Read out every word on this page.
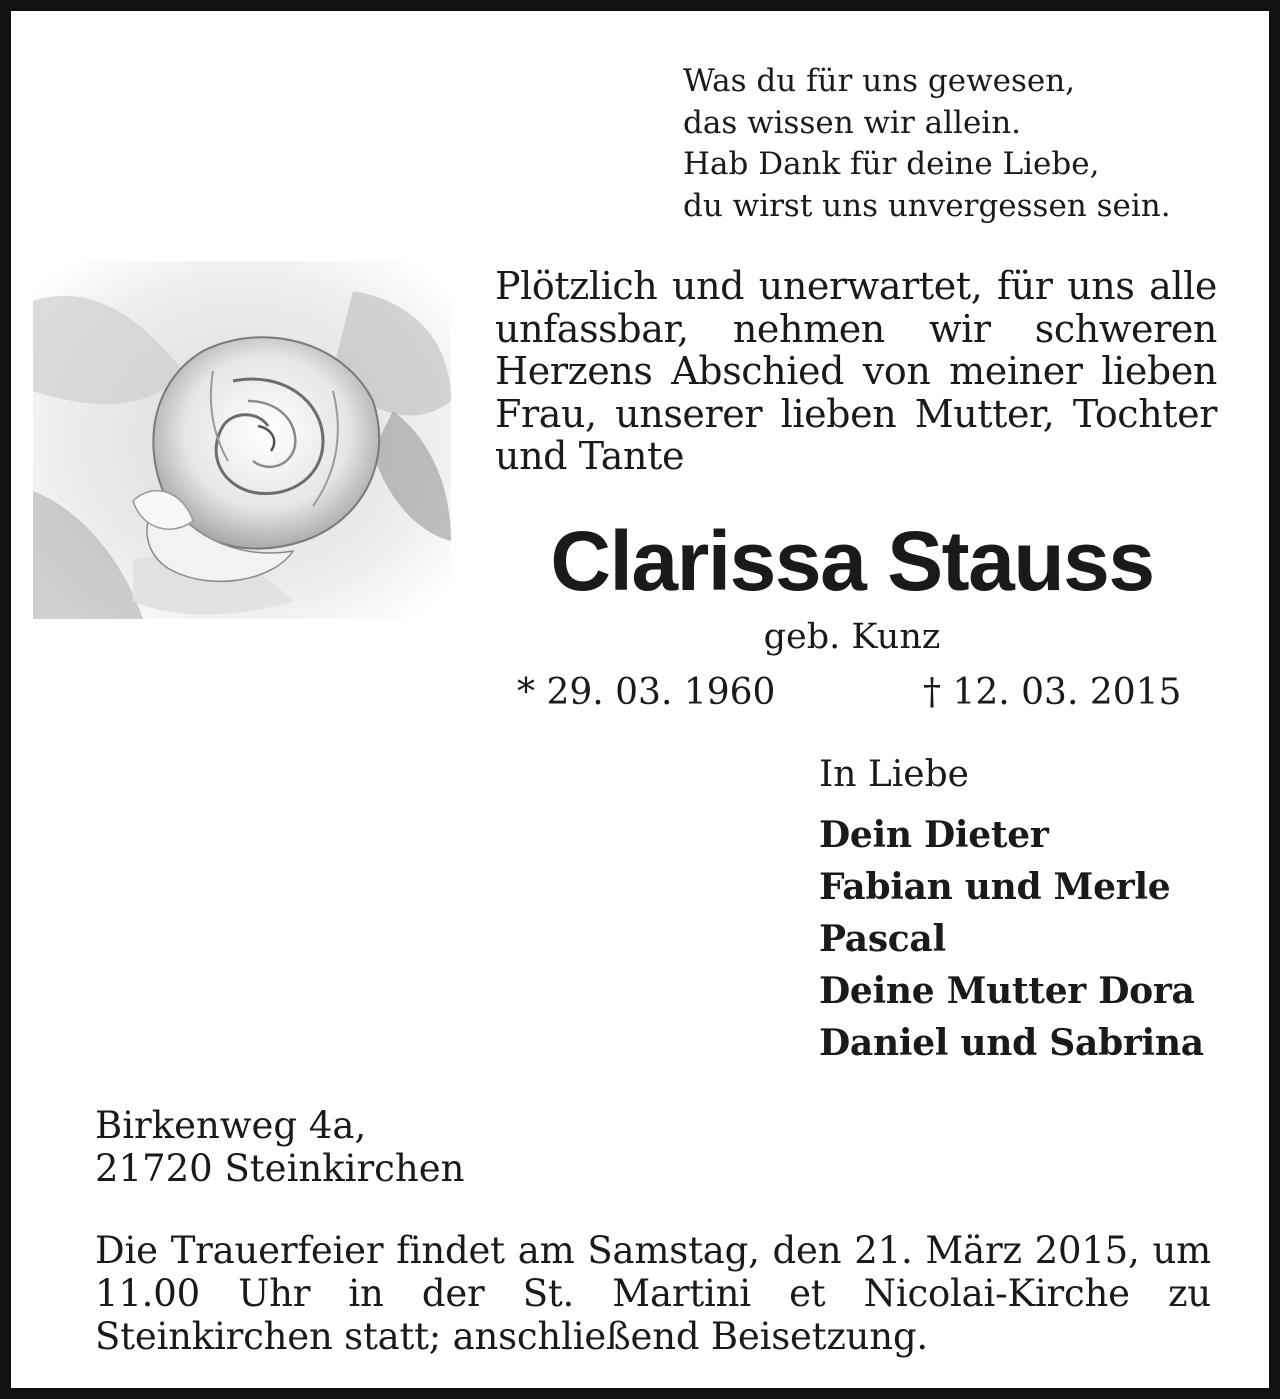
Was du für uns gewesen,
das wissen wir allein.
Hab Dank für deine Liebe,
du wirst uns unvergessen sein.
Plötzlich und unerwartet, für uns alle unfassbar, nehmen wir schweren Herzens Abschied von meiner lieben Frau, unserer lieben Mutter, Tochter und Tante
Clarissa Stauss
geb. Kunz
* 29. 03. 1960	† 12. 03. 2015
In Liebe
Dein Dieter
Fabian und Merle
Pascal
Deine Mutter Dora
Daniel und Sabrina
Birkenweg 4a,
21720 Steinkirchen
Die Trauerfeier findet am Samstag, den 21. März 2015, um 11.00 Uhr in der St. Martini et Nicolai-Kirche zu Steinkirchen statt; anschließend Beisetzung.
